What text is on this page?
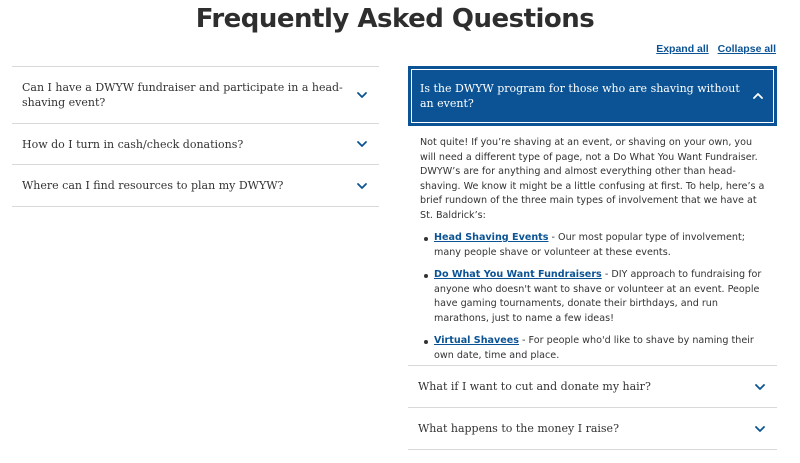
Frequently Asked Questions
Expand all Collapse all
Can I have a DWYW fundraiser and participate in a head-shaving event?
How do I turn in cash/check donations?
Where can I find resources to plan my DWYW?
Is the DWYW program for those who are shaving without an event?

Not quite! If you’re shaving at an event, or shaving on your own, you will need a different type of page, not a Do What You Want Fundraiser. DWYW’s are for anything and almost everything other than head-shaving. We know it might be a little confusing at first. To help, here’s a brief rundown of the three main types of involvement that we have at St. Baldrick’s:

Head Shaving Events - Our most popular type of involvement; many people shave or volunteer at these events.
Do What You Want Fundraisers - DIY approach to fundraising for anyone who doesn't want to shave or volunteer at an event. People have gaming tournaments, donate their birthdays, and run marathons, just to name a few ideas!
Virtual Shavees - For people who'd like to shave by naming their own date, time and place.
What if I want to cut and donate my hair?
What happens to the money I raise?
